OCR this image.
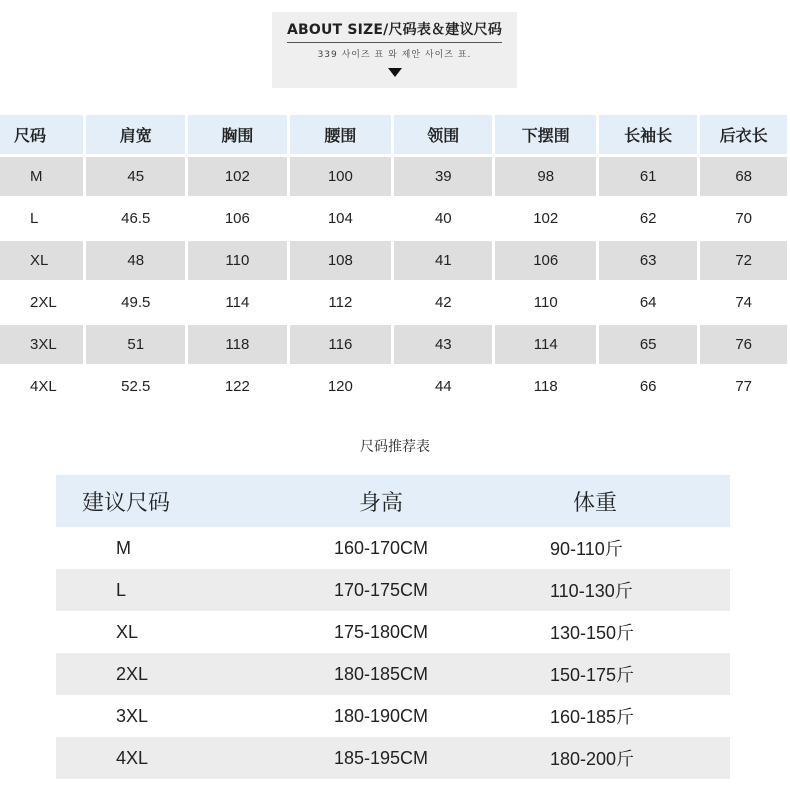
ABOUT SIZE/尺码表＆建议尺码
339 사이즈 표 와 제안 사이즈 표.
尺码	肩宽	胸围	腰围	领围	下摆围	长袖长	后衣长
M	45	102	100	39	98	61	68
L	46.5	106	104	40	102	62	70
XL	48	110	108	41	106	63	72
2XL	49.5	114	112	42	110	64	74
3XL	51	118	116	43	114	65	76
4XL	52.5	122	120	44	118	66	77
尺码推荐表
建议尺码	身高	体重
M	160-170CM	90-110斤
L	170-175CM	110-130斤
XL	175-180CM	130-150斤
2XL	180-185CM	150-175斤
3XL	180-190CM	160-185斤
4XL	185-195CM	180-200斤
